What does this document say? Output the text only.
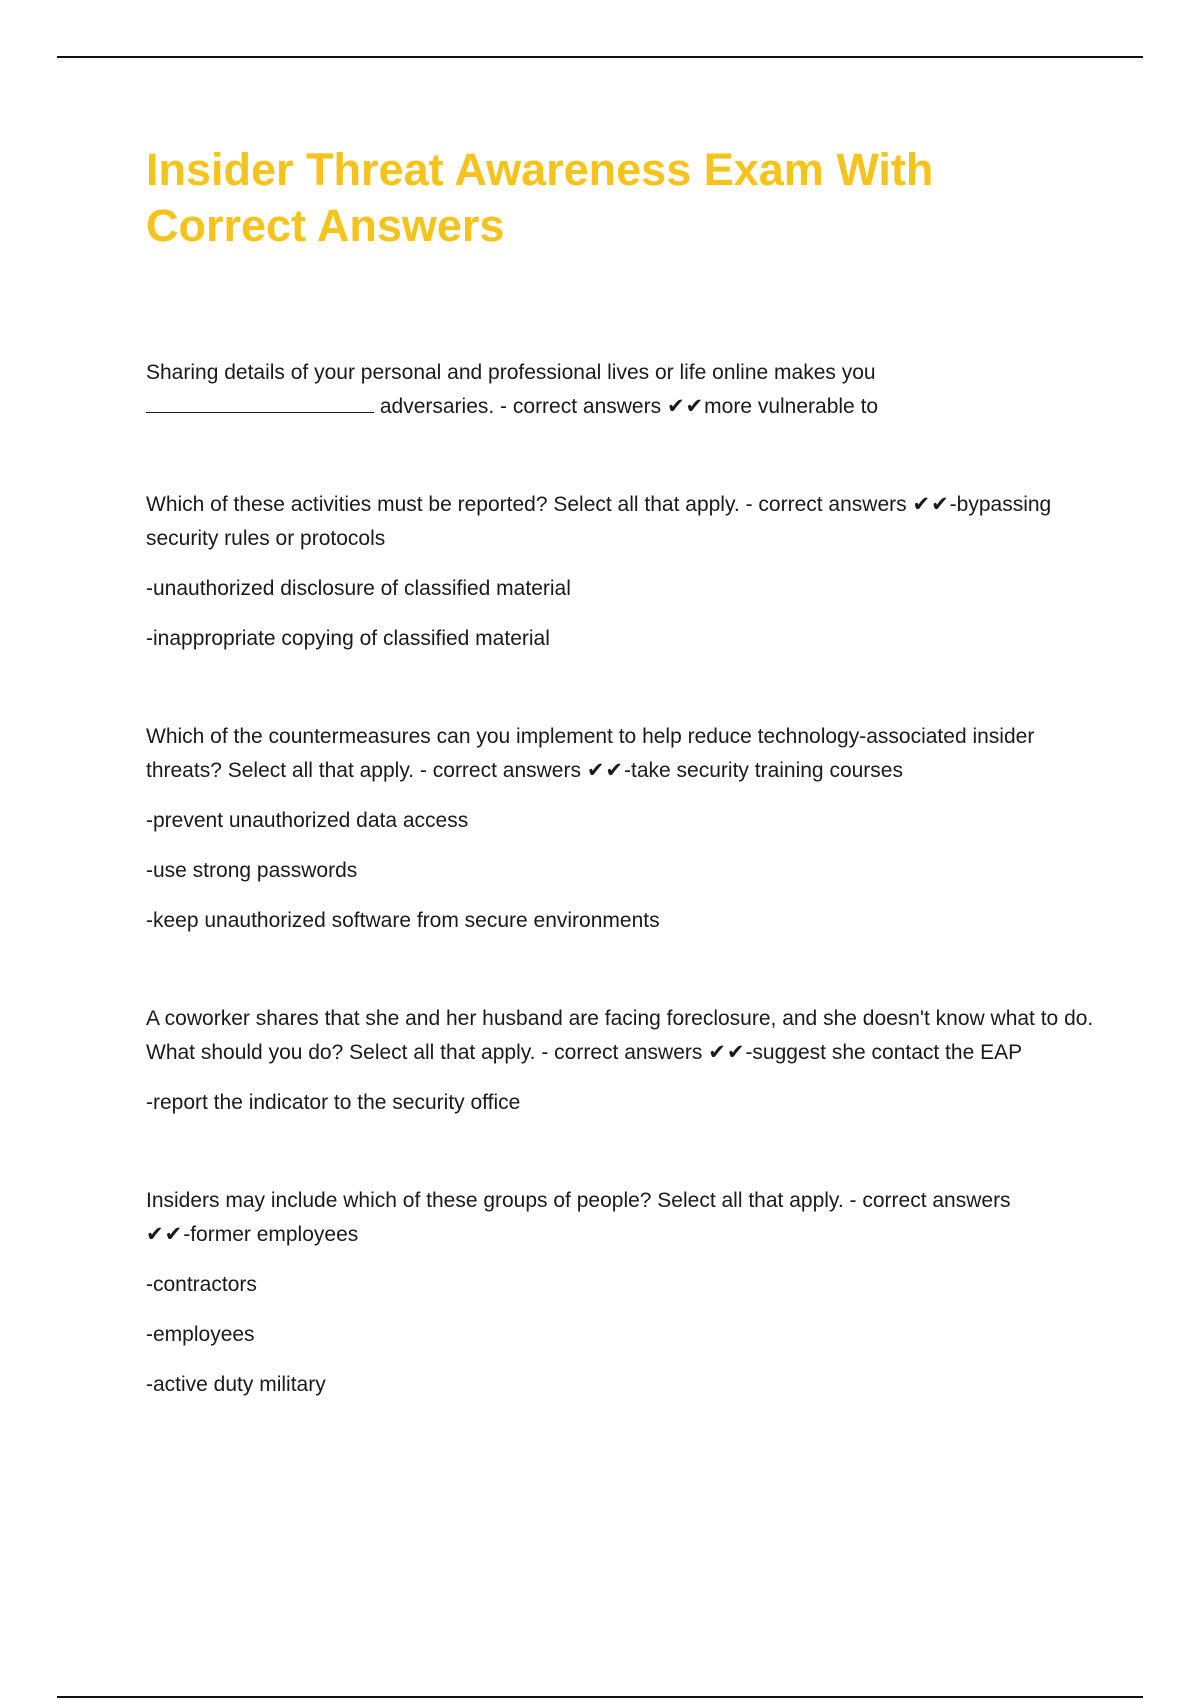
Insider Threat Awareness Exam With Correct Answers

Sharing details of your personal and professional lives or life online makes you
adversaries. - correct answers ✔✔more vulnerable to

Which of these activities must be reported? Select all that apply. - correct answers ✔✔-bypassing security rules or protocols

-unauthorized disclosure of classified material

-inappropriate copying of classified material

Which of the countermeasures can you implement to help reduce technology-associated insider threats? Select all that apply. - correct answers ✔✔-take security training courses

-prevent unauthorized data access

-use strong passwords

-keep unauthorized software from secure environments

A coworker shares that she and her husband are facing foreclosure, and she doesn't know what to do. What should you do? Select all that apply. - correct answers ✔✔-suggest she contact the EAP

-report the indicator to the security office

Insiders may include which of these groups of people? Select all that apply. - correct answers
✔✔-former employees

-contractors

-employees

-active duty military
